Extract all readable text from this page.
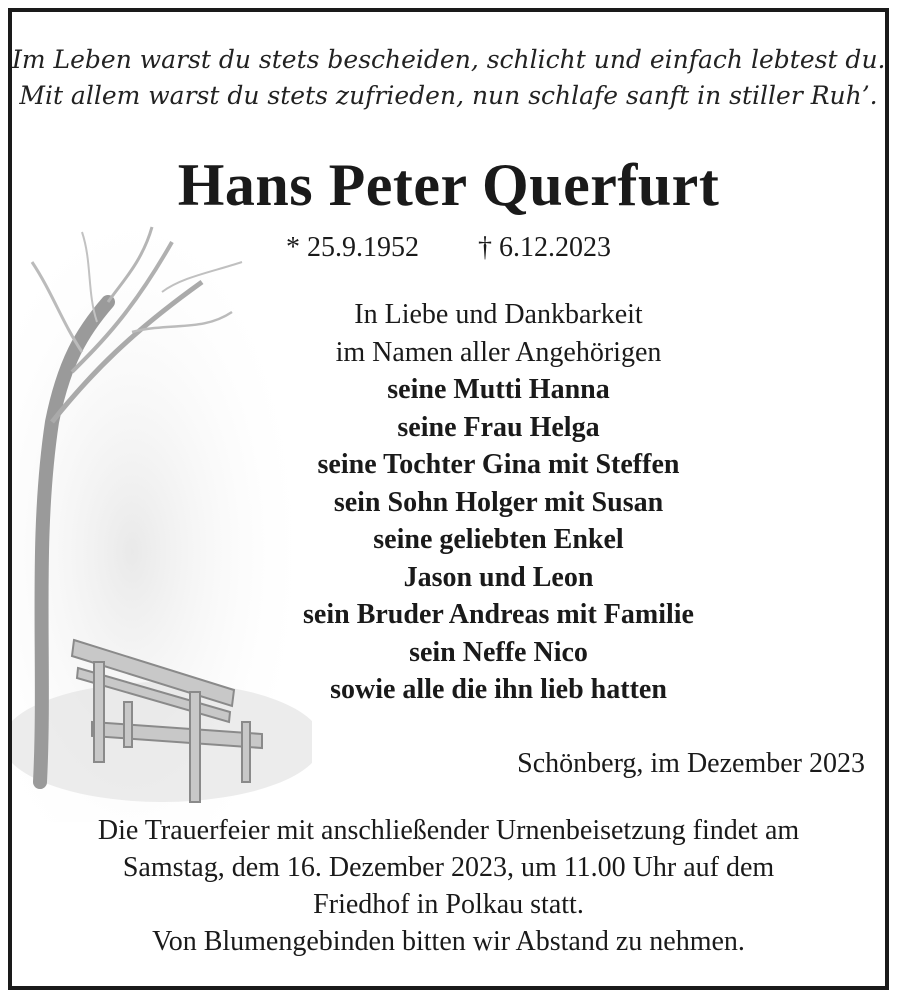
Im Leben warst du stets bescheiden, schlicht und einfach lebtest du.
Mit allem warst du stets zufrieden, nun schlafe sanft in stiller Ruh’.
Hans Peter Querfurt
* 25.9.1952 † 6.12.2023
In Liebe und Dankbarkeit
im Namen aller Angehörigen
seine Mutti Hanna
seine Frau Helga
seine Tochter Gina mit Steffen
sein Sohn Holger mit Susan
seine geliebten Enkel
Jason und Leon
sein Bruder Andreas mit Familie
sein Neffe Nico
sowie alle die ihn lieb hatten
Schönberg, im Dezember 2023
Die Trauerfeier mit anschließender Urnenbeisetzung findet am
Samstag, dem 16. Dezember 2023, um 11.00 Uhr auf dem
Friedhof in Polkau statt.
Von Blumengebinden bitten wir Abstand zu nehmen.
